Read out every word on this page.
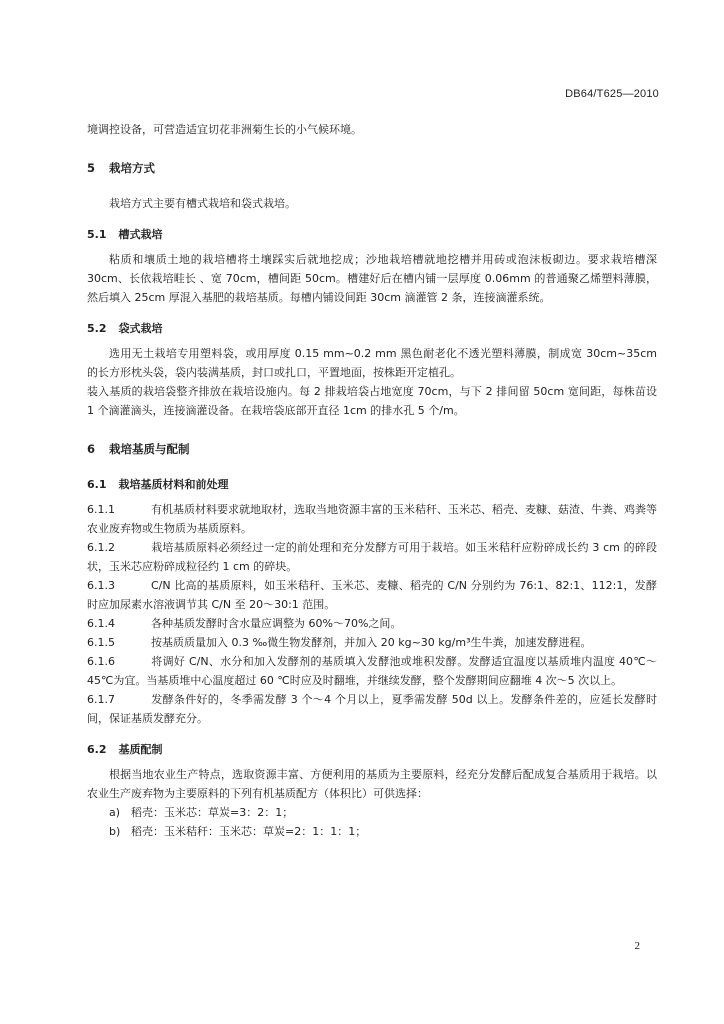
DB64/T625—2010

境调控设备，可营造适宜切花非洲菊生长的小气候环境。

5 栽培方式

栽培方式主要有槽式栽培和袋式栽培。

5.1 槽式栽培

粘质和壤质土地的栽培槽将土壤踩实后就地挖成；沙地栽培槽就地挖槽并用砖或泡沫板砌边。要求栽培槽深30cm、长依栽培畦长 、宽 70cm，槽间距 50cm。槽建好后在槽内铺一层厚度 0.06mm 的普通聚乙烯塑料薄膜，然后填入 25cm 厚混入基肥的栽培基质。每槽内铺设间距 30cm 滴灌管 2 条，连接滴灌系统。

5.2 袋式栽培

选用无土栽培专用塑料袋，或用厚度 0.15 mm~0.2 mm 黑色耐老化不透光塑料薄膜，制成宽 30cm~35cm 的长方形枕头袋，袋内装满基质，封口或扎口，平置地面，按株距开定植孔。

装入基质的栽培袋整齐排放在栽培设施内。每 2 排栽培袋占地宽度 70cm，与下 2 排间留 50cm 宽间距，每株苗设 1 个滴灌滴头，连接滴灌设备。在栽培袋底部开直径 1cm 的排水孔 5 个/m。

6 栽培基质与配制
6.1 栽培基质材料和前处理

6.1.1	有机基质材料要求就地取材，选取当地资源丰富的玉米秸秆、玉米芯、稻壳、麦糠、菇渣、牛粪、鸡粪等农业废弃物或生物质为基质原料。

6.1.2	栽培基质原料必须经过一定的前处理和充分发酵方可用于栽培。如玉米秸秆应粉碎成长约 3 cm 的碎段状，玉米芯应粉碎成粒径约 1 cm 的碎块。

6.1.3	C/N 比高的基质原料，如玉米秸秆、玉米芯、麦糠、稻壳的 C/N 分别约为 76:1、82:1、112:1，发酵时应加尿素水溶液调节其 C/N 至 20～30:1 范围。

6.1.4	各种基质发酵时含水量应调整为 60%～70%之间。

6.1.5	按基质质量加入 0.3 ‰微生物发酵剂，并加入 20 kg~30 kg/m³生牛粪，加速发酵进程。

6.1.6	将调好 C/N、水分和加入发酵剂的基质填入发酵池或堆积发酵。发酵适宜温度以基质堆内温度 40℃～45℃为宜。当基质堆中心温度超过 60 ℃时应及时翻堆，并继续发酵，整个发酵期间应翻堆 4 次～5 次以上。

6.1.7	发酵条件好的，冬季需发酵 3 个～4 个月以上，夏季需发酵 50d 以上。发酵条件差的，应延长发酵时间，保证基质发酵充分。

6.2 基质配制

根据当地农业生产特点，选取资源丰富、方便利用的基质为主要原料，经充分发酵后配成复合基质用于栽培。以农业生产废弃物为主要原料的下列有机基质配方（体积比）可供选择：

a) 稻壳：玉米芯：草炭=3：2：1；

b) 稻壳：玉米秸秆：玉米芯：草炭=2：1：1：1；

2
